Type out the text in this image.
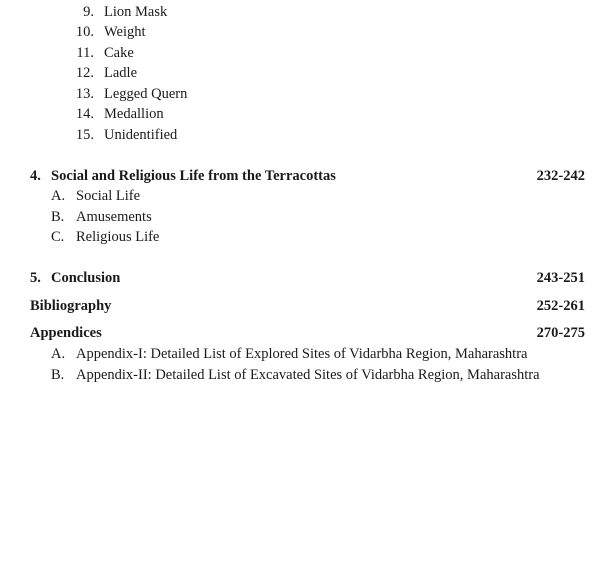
9. Lion Mask
10. Weight
11. Cake
12. Ladle
13. Legged Quern
14. Medallion
15. Unidentified
4. Social and Religious Life from the Terracottas	232-242
A. Social Life
B. Amusements
C. Religious Life
5. Conclusion	243-251
Bibliography	252-261
Appendices	270-275
A. Appendix-I: Detailed List of Explored Sites of Vidarbha Region, Maharashtra
B. Appendix-II: Detailed List of Excavated Sites of Vidarbha Region, Maharashtra
